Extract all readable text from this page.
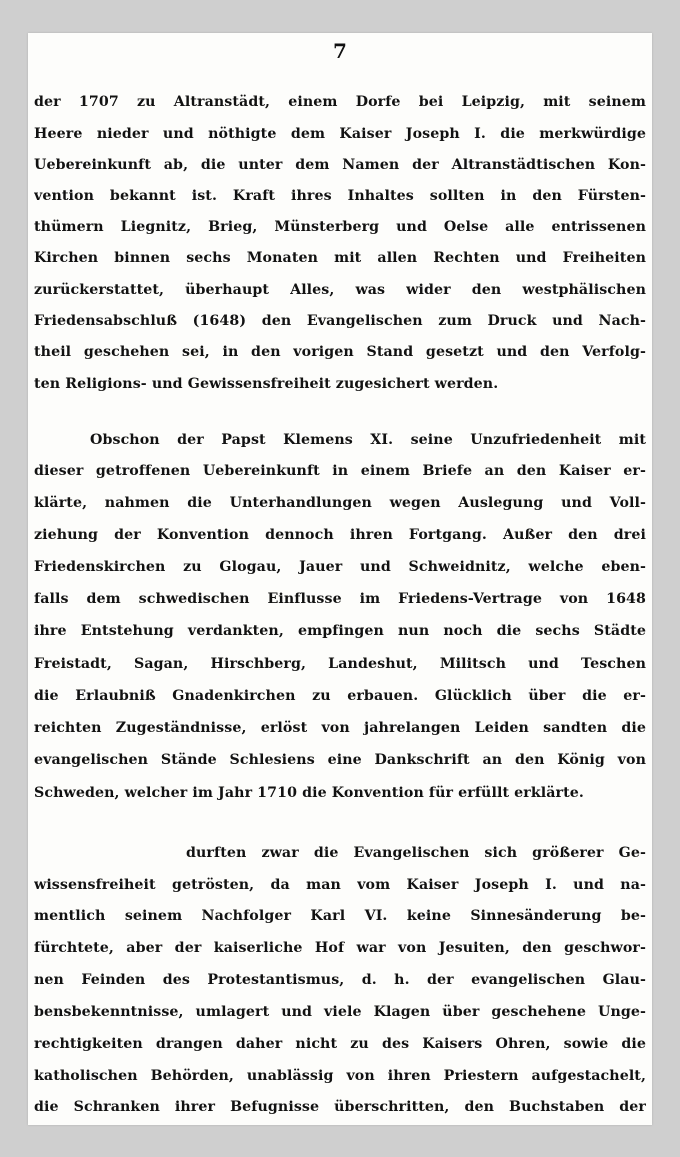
7
der 1707 zu Altranstädt, einem Dorfe bei Leipzig, mit seinem
Heere nieder und nöthigte dem Kaiser Joseph I. die merkwürdige
Uebereinkunft ab, die unter dem Namen der Altranstädtischen Kon-
vention bekannt ist. Kraft ihres Inhaltes sollten in den Fürsten-
thümern Liegnitz, Brieg, Münsterberg und Oelse alle entrissenen
Kirchen binnen sechs Monaten mit allen Rechten und Freiheiten
zurückerstattet, überhaupt Alles, was wider den westphälischen
Friedensabschluß (1648) den Evangelischen zum Druck und Nach-
theil geschehen sei, in den vorigen Stand gesetzt und den Verfolg-
ten Religions- und Gewissensfreiheit zugesichert werden.
Obschon der Papst Klemens XI. seine Unzufriedenheit mit
dieser getroffenen Uebereinkunft in einem Briefe an den Kaiser er-
klärte, nahmen die Unterhandlungen wegen Auslegung und Voll-
ziehung der Konvention dennoch ihren Fortgang. Außer den drei
Friedenskirchen zu Glogau, Jauer und Schweidnitz, welche eben-
falls dem schwedischen Einflusse im Friedens-Vertrage von 1648
ihre Entstehung verdankten, empfingen nun noch die sechs Städte
Freistadt, Sagan, Hirschberg, Landeshut, Militsch und Teschen
die Erlaubniß Gnadenkirchen zu erbauen. Glücklich über die er-
reichten Zugeständnisse, erlöst von jahrelangen Leiden sandten die
evangelischen Stände Schlesiens eine Dankschrift an den König von
Schweden, welcher im Jahr 1710 die Konvention für erfüllt erklärte.
durften zwar die Evangelischen sich größerer Ge-
wissensfreiheit getrösten, da man vom Kaiser Joseph I. und na-
mentlich seinem Nachfolger Karl VI. keine Sinnesänderung be-
fürchtete, aber der kaiserliche Hof war von Jesuiten, den geschwor-
nen Feinden des Protestantismus, d. h. der evangelischen Glau-
bensbekenntnisse, umlagert und viele Klagen über geschehene Unge-
rechtigkeiten drangen daher nicht zu des Kaisers Ohren, sowie die
katholischen Behörden, unablässig von ihren Priestern aufgestachelt,
die Schranken ihrer Befugnisse überschritten, den Buchstaben der
